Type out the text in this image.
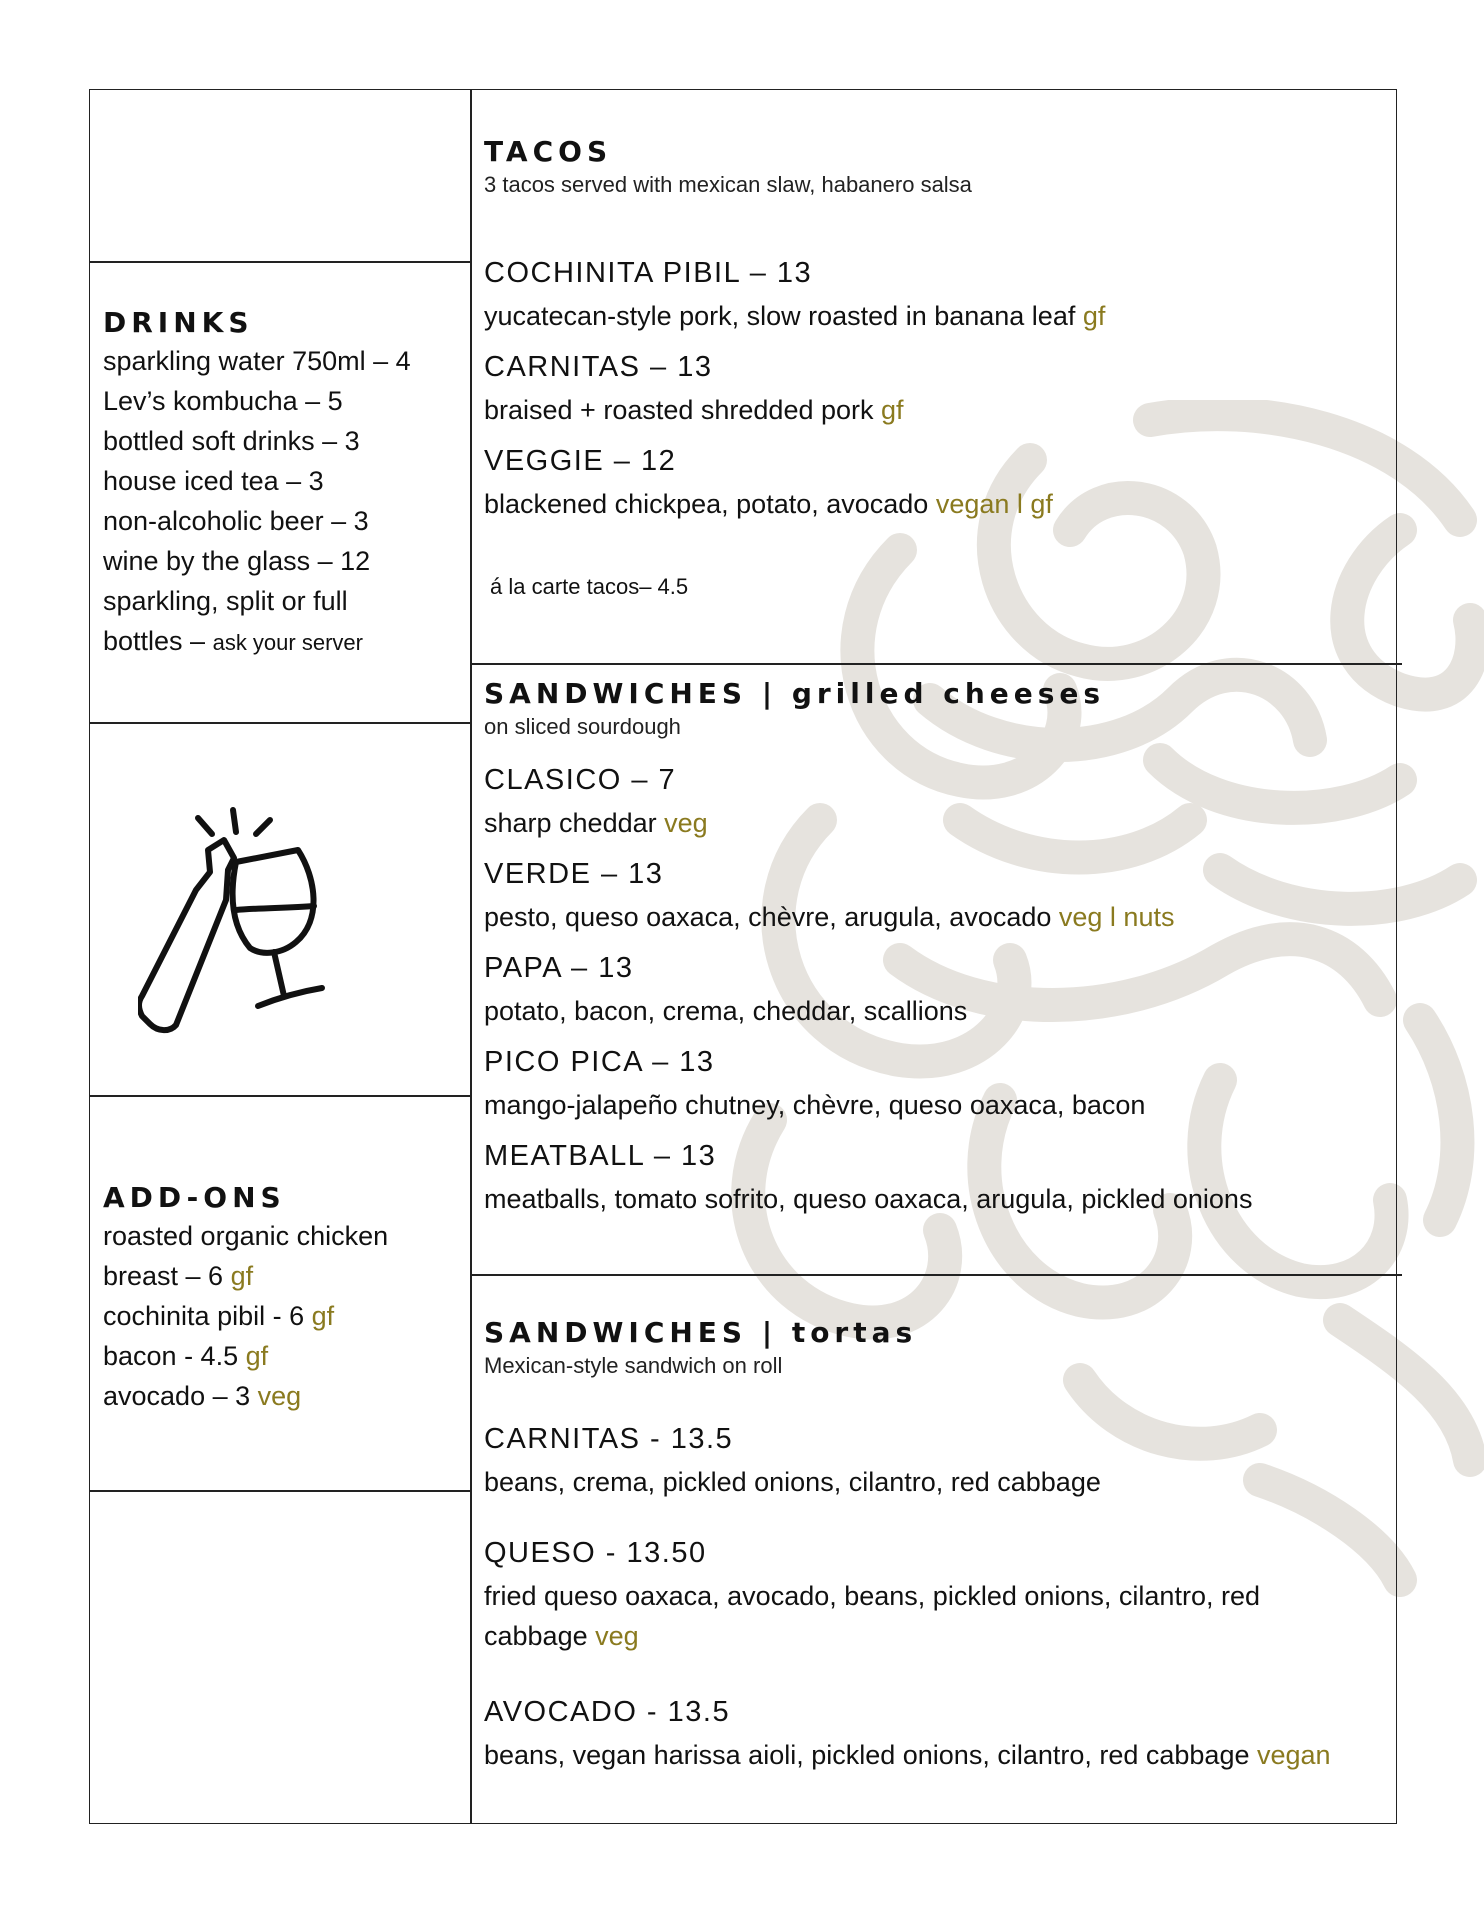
DRINKS
sparkling water 750ml – 4
Lev’s kombucha – 5
bottled soft drinks – 3
house iced tea – 3
non-alcoholic beer – 3
wine by the glass – 12
sparkling, split or full
bottles – ask your server
ADD-ONS
roasted organic chicken
breast – 6 gf
cochinita pibil - 6 gf
bacon - 4.5 gf
avocado – 3 veg
TACOS
3 tacos served with mexican slaw, habanero salsa
COCHINITA PIBIL – 13
yucatecan-style pork, slow roasted in banana leaf gf
CARNITAS – 13
braised + roasted shredded pork gf
VEGGIE – 12
blackened chickpea, potato, avocado vegan l gf
á la carte tacos– 4.5
SANDWICHES | grilled cheeses
on sliced sourdough
CLASICO – 7
sharp cheddar veg
VERDE – 13
pesto, queso oaxaca, chèvre, arugula, avocado veg l nuts
PAPA – 13
potato, bacon, crema, cheddar, scallions
PICO PICA – 13
mango-jalapeño chutney, chèvre, queso oaxaca, bacon
MEATBALL – 13
meatballs, tomato sofrito, queso oaxaca, arugula, pickled onions
SANDWICHES | tortas
Mexican-style sandwich on roll
CARNITAS - 13.5
beans, crema, pickled onions, cilantro, red cabbage
QUESO - 13.50
fried queso oaxaca, avocado, beans, pickled onions, cilantro, red cabbage veg
AVOCADO - 13.5
beans, vegan harissa aioli, pickled onions, cilantro, red cabbage vegan
